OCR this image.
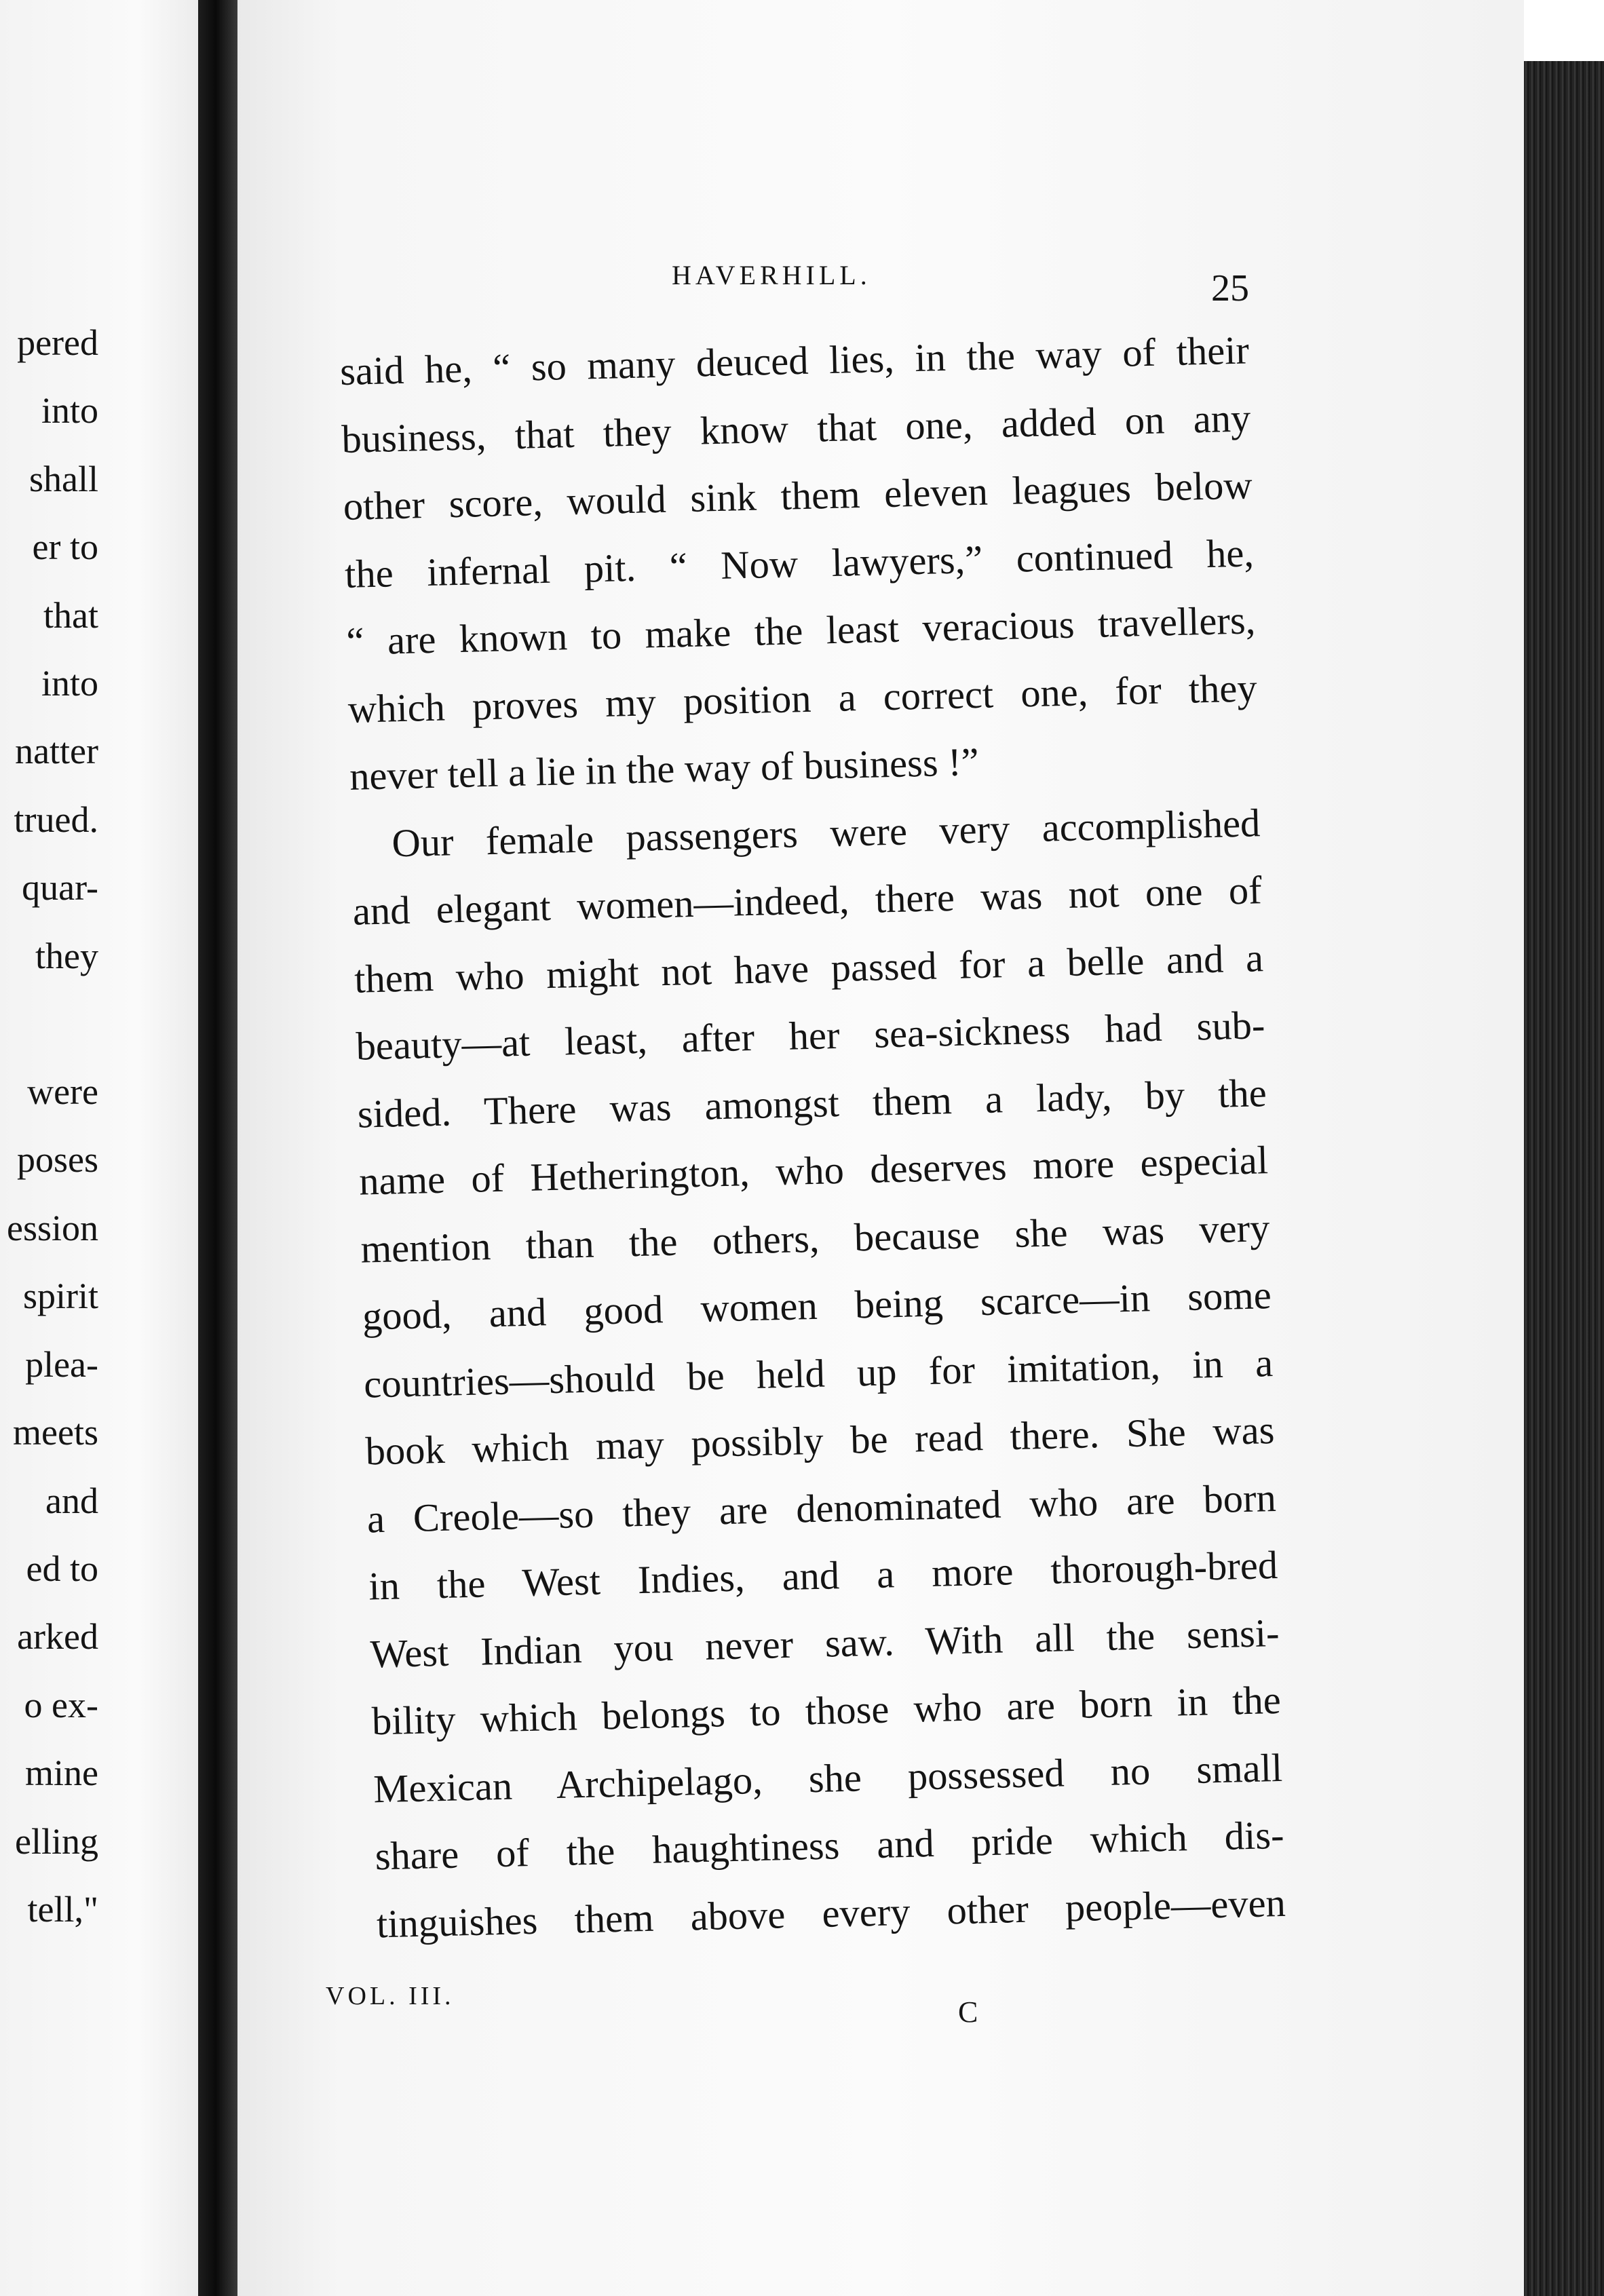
pered
into
shall
er to
that
into
natter
trued.
quar-
they
were
poses
ession
spirit
plea-
meets
and
ed to
arked
o ex-
mine
elling
tell,"
HAVERHILL.	25
said he, “ so many deuced lies, in the way of their
business, that they know that one, added on any
other score, would sink them eleven leagues below
the infernal pit. “ Now lawyers,” continued he,
“ are known to make the least veracious travellers,
which proves my position a correct one, for they
never tell a lie in the way of business !”
Our female passengers were very accomplished
and elegant women—indeed, there was not one of
them who might not have passed for a belle and a
beauty—at least, after her sea-sickness had sub-
sided. There was amongst them a lady, by the
name of Hetherington, who deserves more especial
mention than the others, because she was very
good, and good women being scarce—in some
countries—should be held up for imitation, in a
book which may possibly be read there. She was
a Creole—so they are denominated who are born
in the West Indies, and a more thorough-bred
West Indian you never saw. With all the sensi-
bility which belongs to those who are born in the
Mexican Archipelago, she possessed no small
share of the haughtiness and pride which dis-
tinguishes them above every other people—even
VOL. III.	C
